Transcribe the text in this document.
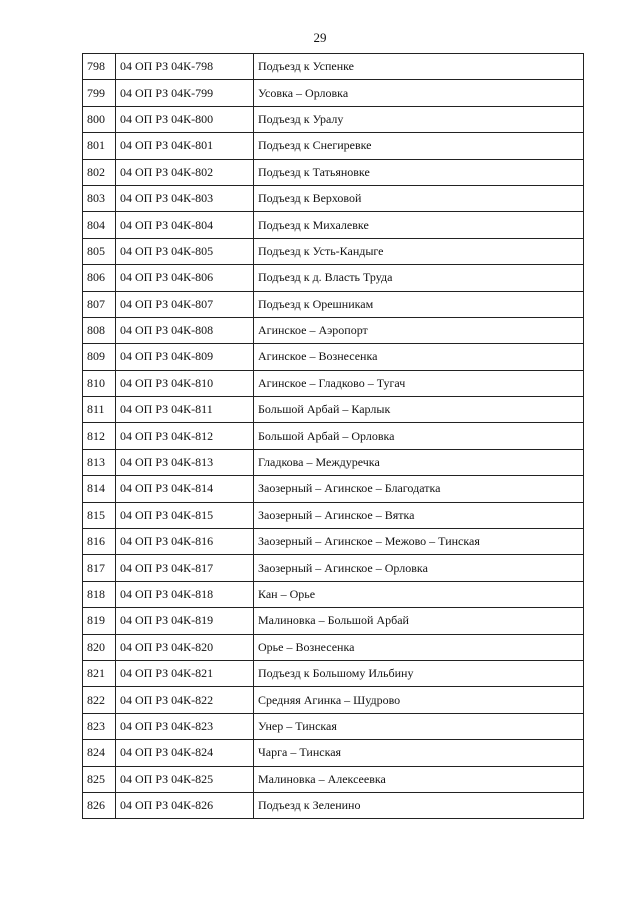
29
798	04 ОП РЗ 04К-798	Подъезд к Успенке
799	04 ОП РЗ 04К-799	Усовка – Орловка
800	04 ОП РЗ 04К-800	Подъезд к Уралу
801	04 ОП РЗ 04К-801	Подъезд к Снегиревке
802	04 ОП РЗ 04К-802	Подъезд к Татьяновке
803	04 ОП РЗ 04К-803	Подъезд к Верховой
804	04 ОП РЗ 04К-804	Подъезд к Михалевке
805	04 ОП РЗ 04К-805	Подъезд к Усть-Кандыге
806	04 ОП РЗ 04К-806	Подъезд к д. Власть Труда
807	04 ОП РЗ 04К-807	Подъезд к Орешникам
808	04 ОП РЗ 04К-808	Агинское – Аэропорт
809	04 ОП РЗ 04К-809	Агинское – Вознесенка
810	04 ОП РЗ 04К-810	Агинское – Гладково – Тугач
811	04 ОП РЗ 04К-811	Большой Арбай – Карлык
812	04 ОП РЗ 04К-812	Большой Арбай – Орловка
813	04 ОП РЗ 04К-813	Гладкова – Междуречка
814	04 ОП РЗ 04К-814	Заозерный – Агинское – Благодатка
815	04 ОП РЗ 04К-815	Заозерный – Агинское – Вятка
816	04 ОП РЗ 04К-816	Заозерный – Агинское – Межово – Тинская
817	04 ОП РЗ 04К-817	Заозерный – Агинское – Орловка
818	04 ОП РЗ 04К-818	Кан – Орье
819	04 ОП РЗ 04К-819	Малиновка – Большой Арбай
820	04 ОП РЗ 04К-820	Орье – Вознесенка
821	04 ОП РЗ 04К-821	Подъезд к Большому Ильбину
822	04 ОП РЗ 04К-822	Средняя Агинка – Шудрово
823	04 ОП РЗ 04К-823	Унер – Тинская
824	04 ОП РЗ 04К-824	Чарга – Тинская
825	04 ОП РЗ 04К-825	Малиновка – Алексеевка
826	04 ОП РЗ 04К-826	Подъезд к Зеленино
